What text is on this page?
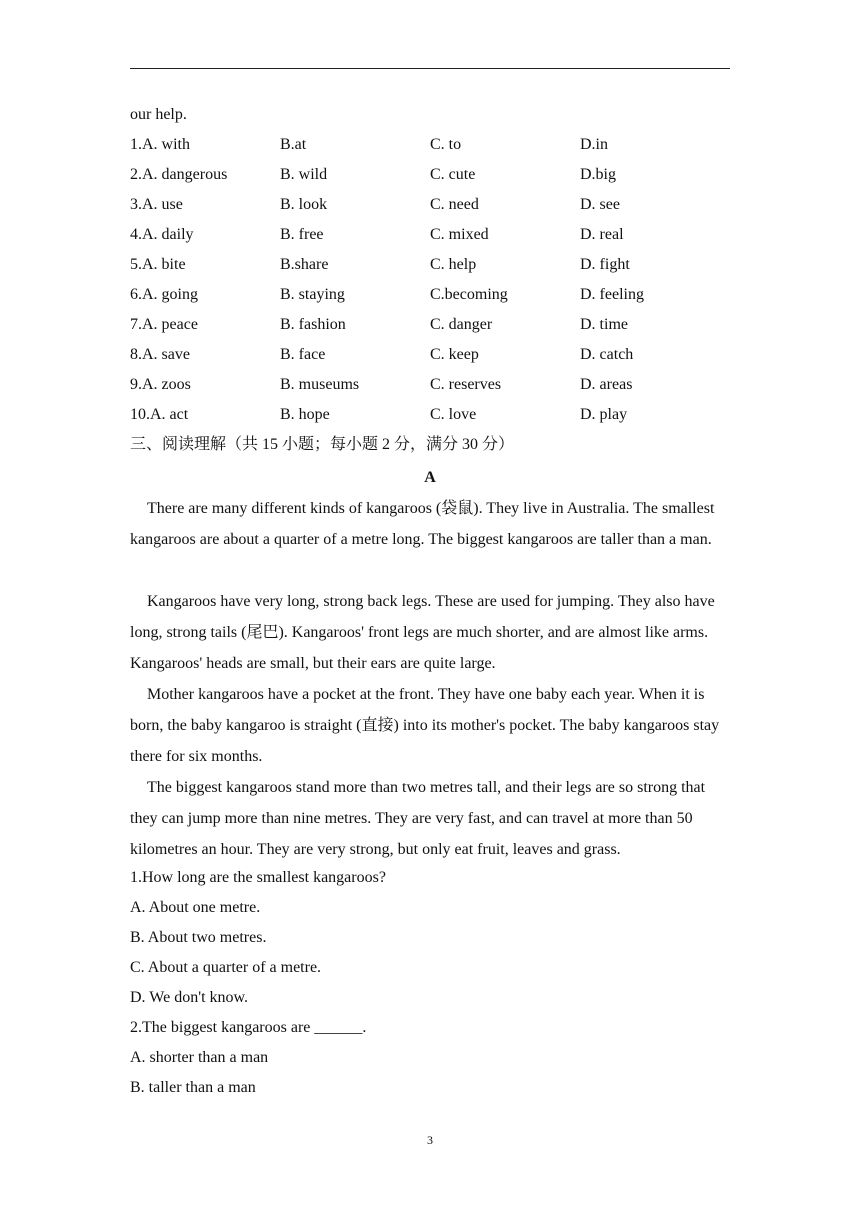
our help.
1.A. with	B.at	C. to	D.in
2.A. dangerous	B. wild	C. cute	D.big
3.A. use	B. look	C. need	D. see
4.A. daily	B. free	C. mixed	D. real
5.A. bite	B.share	C. help	D. fight
6.A. going	B. staying	C.becoming	D. feeling
7.A. peace	B. fashion	C. danger	D. time
8.A. save	B. face	C. keep	D. catch
9.A. zoos	B. museums	C. reserves	D. areas
10.A. act	B. hope	C. love	D. play
三、阅读理解（共 15 小题；每小题 2 分，满分 30 分）
A

There are many different kinds of kangaroos (袋鼠). They live in Australia. The smallest kangaroos are about a quarter of a metre long. The biggest kangaroos are taller than a man.

Kangaroos have very long, strong back legs. These are used for jumping. They also have long, strong tails (尾巴). Kangaroos' front legs are much shorter, and are almost like arms. Kangaroos' heads are small, but their ears are quite large.

Mother kangaroos have a pocket at the front. They have one baby each year. When it is born, the baby kangaroo is straight (直接) into its mother's pocket. The baby kangaroos stay there for six months.

The biggest kangaroos stand more than two metres tall, and their legs are so strong that they can jump more than nine metres. They are very fast, and can travel at more than 50 kilometres an hour. They are very strong, but only eat fruit, leaves and grass.

1.How long are the smallest kangaroos?
A. About one metre.
B. About two metres.
C. About a quarter of a metre.
D. We don't know.
2.The biggest kangaroos are ______.
A. shorter than a man
B. taller than a man
3
